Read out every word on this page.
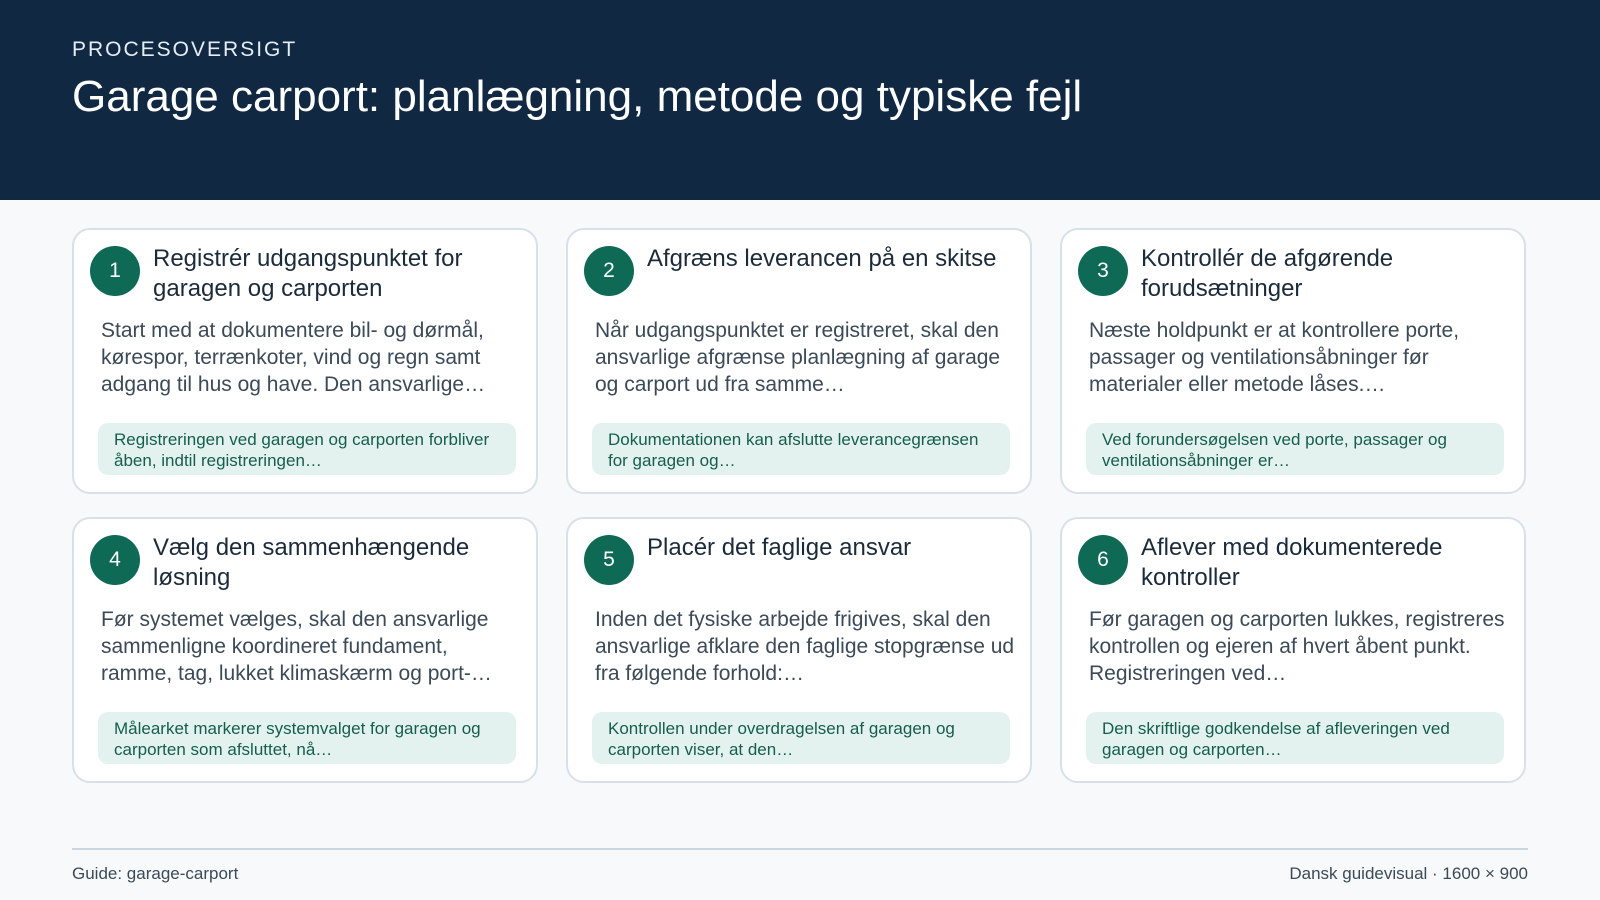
PROCESOVERSIGT
Garage carport: planlægning, metode og typiske fejl
1	Registrér udgangspunktet for garagen og carporten
Start med at dokumentere bil- og dørmål, kørespor, terrænkoter, vind og regn samt adgang til hus og have. Den ansvarlige…
Registreringen ved garagen og carporten forbliver åben, indtil registreringen…
2	Afgræns leverancen på en skitse
Når udgangspunktet er registreret, skal den ansvarlige afgrænse planlægning af garage og carport ud fra samme…
Dokumentationen kan afslutte leverancegrænsen for garagen og…
3	Kontrollér de afgørende forudsætninger
Næste holdpunkt er at kontrollere porte, passager og ventilationsåbninger før materialer eller metode låses.…
Ved forundersøgelsen ved porte, passager og ventilationsåbninger er…
4	Vælg den sammenhængende løsning
Før systemet vælges, skal den ansvarlige sammenligne koordineret fundament, ramme, tag, lukket klimaskærm og port-…
Målearket markerer systemvalget for garagen og carporten som afsluttet, nå…
5	Placér det faglige ansvar
Inden det fysiske arbejde frigives, skal den ansvarlige afklare den faglige stopgrænse ud fra følgende forhold:…
Kontrollen under overdragelsen af garagen og carporten viser, at den…
6	Aflever med dokumenterede kontroller
Før garagen og carporten lukkes, registreres kontrollen og ejeren af hvert åbent punkt. Registreringen ved…
Den skriftlige godkendelse af afleveringen ved garagen og carporten…
Guide: garage-carport	Dansk guidevisual · 1600 × 900
